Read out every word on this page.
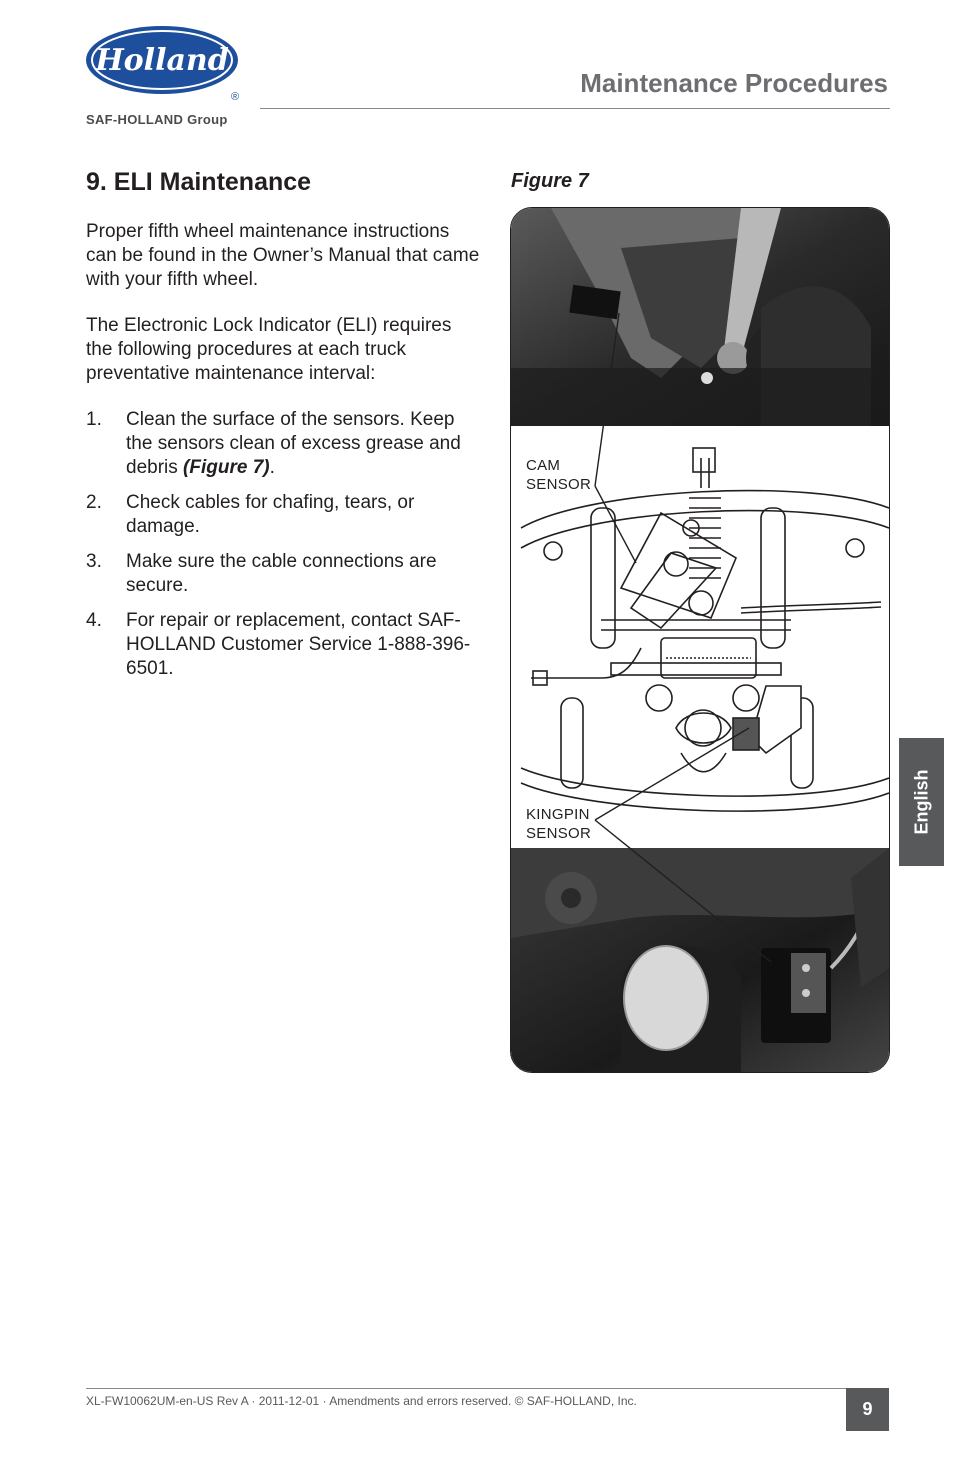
Holland
®
SAF-HOLLAND Group
Maintenance Procedures
9. ELI Maintenance
Proper fifth wheel maintenance instructions can be found in the Owner’s Manual that came with your fifth wheel.
The Electronic Lock Indicator (ELI) requires the following procedures at each truck preventative maintenance interval:
1. Clean the surface of the sensors. Keep the sensors clean of excess grease and debris (Figure 7).
2. Check cables for chafing, tears, or damage.
3. Make sure the cable connections are secure.
4. For repair or replacement, contact SAF-HOLLAND Customer Service 1-888-396-6501.
Figure 7
CAM
SENSOR
KINGPIN
SENSOR	English
XL-FW10062UM-en-US Rev A · 2011-12-01 · Amendments and errors reserved. © SAF-HOLLAND, Inc.	9
